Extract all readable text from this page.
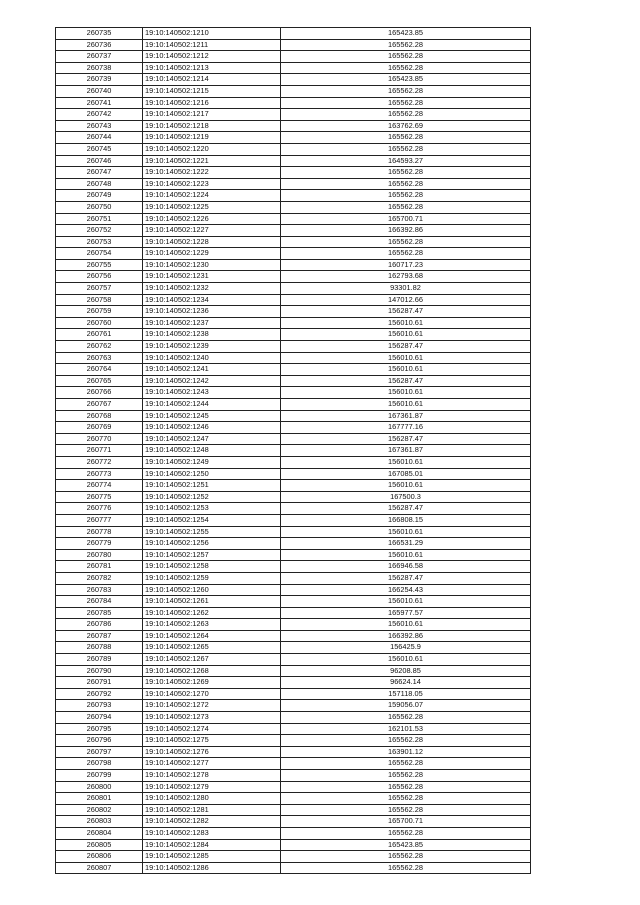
260735	19:10:140502:1210	165423.85
260736	19:10:140502:1211	165562.28
260737	19:10:140502:1212	165562.28
260738	19:10:140502:1213	165562.28
260739	19:10:140502:1214	165423.85
260740	19:10:140502:1215	165562.28
260741	19:10:140502:1216	165562.28
260742	19:10:140502:1217	165562.28
260743	19:10:140502:1218	163762.69
260744	19:10:140502:1219	165562.28
260745	19:10:140502:1220	165562.28
260746	19:10:140502:1221	164593.27
260747	19:10:140502:1222	165562.28
260748	19:10:140502:1223	165562.28
260749	19:10:140502:1224	165562.28
260750	19:10:140502:1225	165562.28
260751	19:10:140502:1226	165700.71
260752	19:10:140502:1227	166392.86
260753	19:10:140502:1228	165562.28
260754	19:10:140502:1229	165562.28
260755	19:10:140502:1230	160717.23
260756	19:10:140502:1231	162793.68
260757	19:10:140502:1232	93301.82
260758	19:10:140502:1234	147012.66
260759	19:10:140502:1236	156287.47
260760	19:10:140502:1237	156010.61
260761	19:10:140502:1238	156010.61
260762	19:10:140502:1239	156287.47
260763	19:10:140502:1240	156010.61
260764	19:10:140502:1241	156010.61
260765	19:10:140502:1242	156287.47
260766	19:10:140502:1243	156010.61
260767	19:10:140502:1244	156010.61
260768	19:10:140502:1245	167361.87
260769	19:10:140502:1246	167777.16
260770	19:10:140502:1247	156287.47
260771	19:10:140502:1248	167361.87
260772	19:10:140502:1249	156010.61
260773	19:10:140502:1250	167085.01
260774	19:10:140502:1251	156010.61
260775	19:10:140502:1252	167500.3
260776	19:10:140502:1253	156287.47
260777	19:10:140502:1254	166808.15
260778	19:10:140502:1255	156010.61
260779	19:10:140502:1256	166531.29
260780	19:10:140502:1257	156010.61
260781	19:10:140502:1258	166946.58
260782	19:10:140502:1259	156287.47
260783	19:10:140502:1260	166254.43
260784	19:10:140502:1261	156010.61
260785	19:10:140502:1262	165977.57
260786	19:10:140502:1263	156010.61
260787	19:10:140502:1264	166392.86
260788	19:10:140502:1265	156425.9
260789	19:10:140502:1267	156010.61
260790	19:10:140502:1268	96208.85
260791	19:10:140502:1269	96624.14
260792	19:10:140502:1270	157118.05
260793	19:10:140502:1272	159056.07
260794	19:10:140502:1273	165562.28
260795	19:10:140502:1274	162101.53
260796	19:10:140502:1275	165562.28
260797	19:10:140502:1276	163901.12
260798	19:10:140502:1277	165562.28
260799	19:10:140502:1278	165562.28
260800	19:10:140502:1279	165562.28
260801	19:10:140502:1280	165562.28
260802	19:10:140502:1281	165562.28
260803	19:10:140502:1282	165700.71
260804	19:10:140502:1283	165562.28
260805	19:10:140502:1284	165423.85
260806	19:10:140502:1285	165562.28
260807	19:10:140502:1286	165562.28
